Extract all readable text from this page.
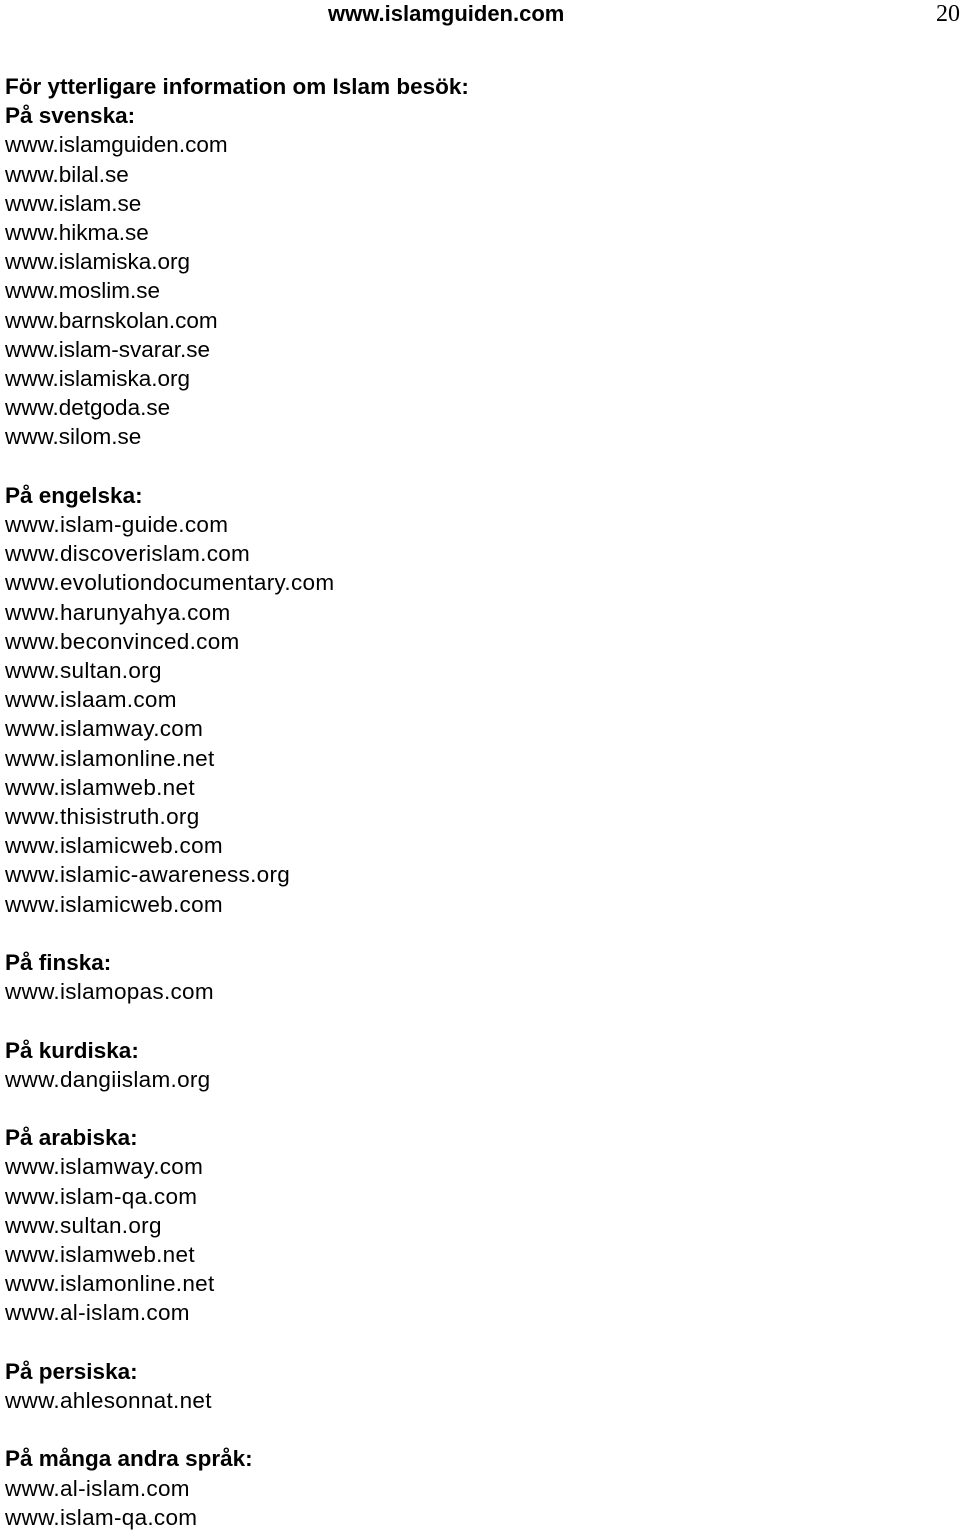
www.islamguiden.com	20
För ytterligare information om Islam besök:
På svenska:
www.islamguiden.com
www.bilal.se
www.islam.se
www.hikma.se
www.islamiska.org
www.moslim.se
www.barnskolan.com
www.islam-svarar.se
www.islamiska.org
www.detgoda.se
www.silom.se
På engelska:
www.islam-guide.com
www.discoverislam.com
www.evolutiondocumentary.com
www.harunyahya.com
www.beconvinced.com
www.sultan.org
www.islaam.com
www.islamway.com
www.islamonline.net
www.islamweb.net
www.thisistruth.org
www.islamicweb.com
www.islamic-awareness.org
www.islamicweb.com
På finska:
www.islamopas.com
På kurdiska:
www.dangiislam.org
På arabiska:
www.islamway.com
www.islam-qa.com
www.sultan.org
www.islamweb.net
www.islamonline.net
www.al-islam.com
På persiska:
www.ahlesonnat.net
På många andra språk:
www.al-islam.com
www.islam-qa.com
